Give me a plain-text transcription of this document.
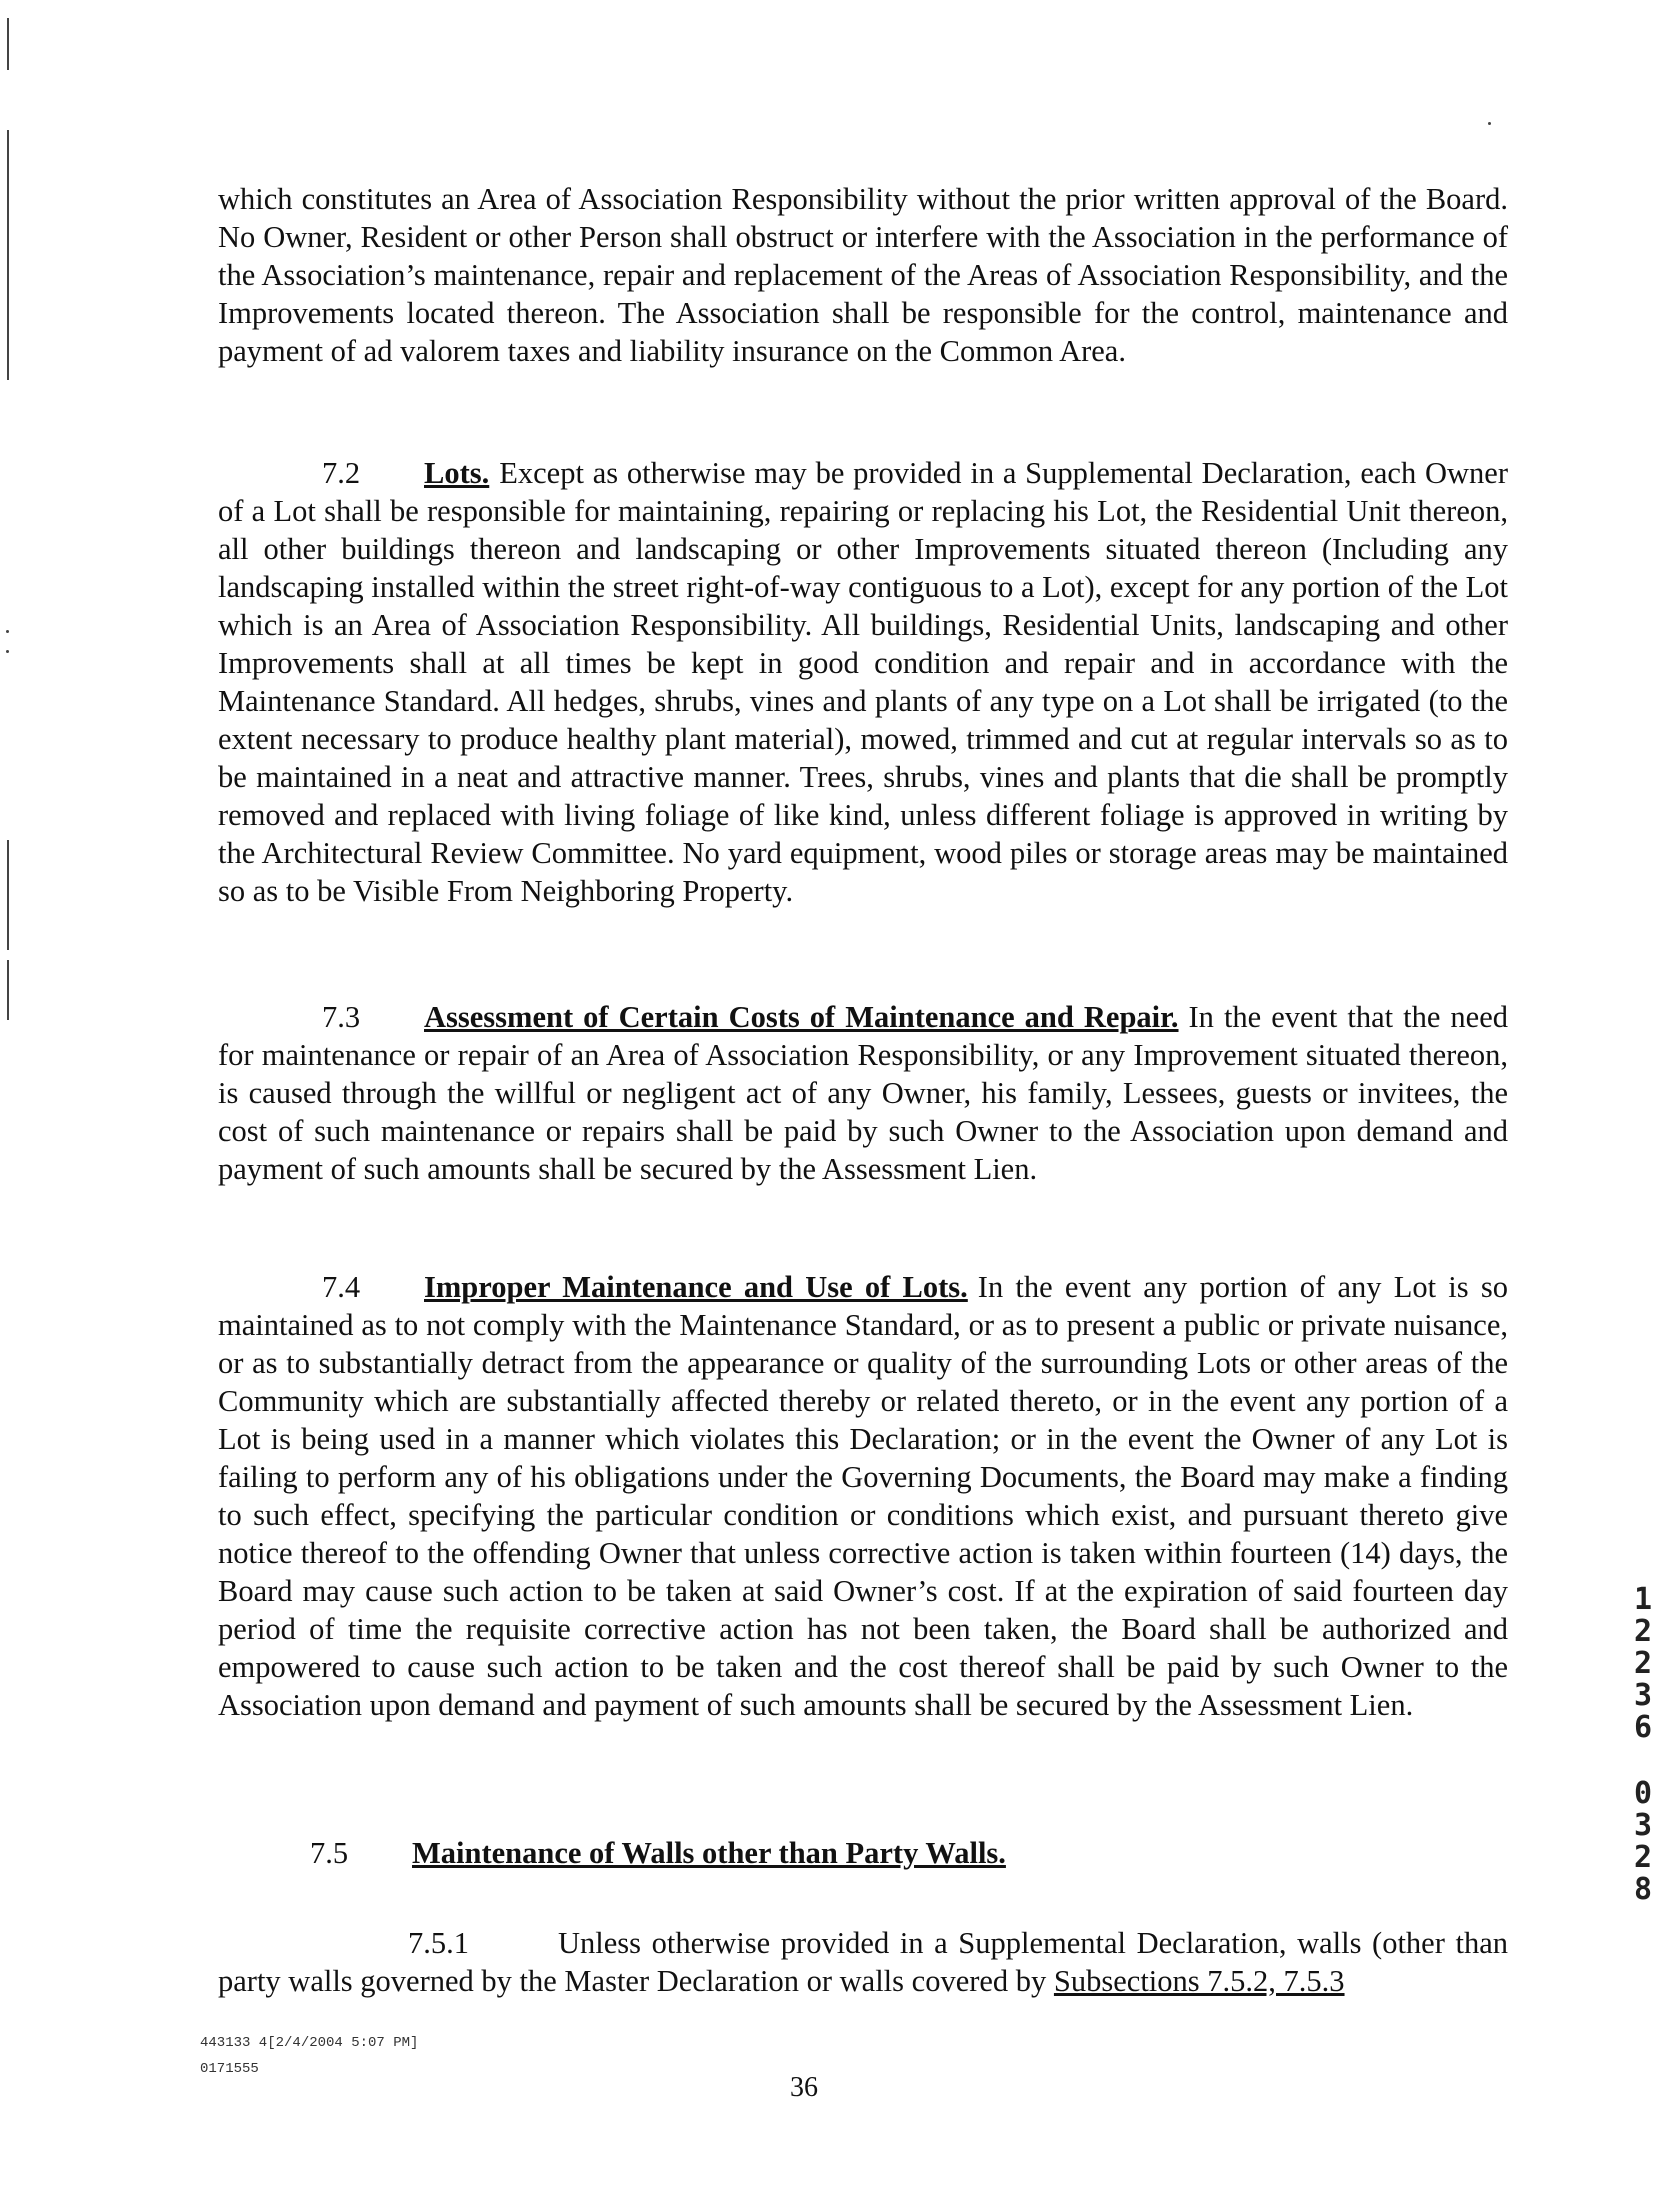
which constitutes an Area of Association Responsibility without the prior written approval of the Board. No Owner, Resident or other Person shall obstruct or interfere with the Association in the performance of the Association’s maintenance, repair and replacement of the Areas of Association Responsibility, and the Improvements located thereon. The Association shall be responsible for the control, maintenance and payment of ad valorem taxes and liability insurance on the Common Area.

7.2 Lots. Except as otherwise may be provided in a Supplemental Declaration, each Owner of a Lot shall be responsible for maintaining, repairing or replacing his Lot, the Residential Unit thereon, all other buildings thereon and landscaping or other Improvements situated thereon (Including any landscaping installed within the street right-of-way contiguous to a Lot), except for any portion of the Lot which is an Area of Association Responsibility. All buildings, Residential Units, landscaping and other Improvements shall at all times be kept in good condition and repair and in accordance with the Maintenance Standard. All hedges, shrubs, vines and plants of any type on a Lot shall be irrigated (to the extent necessary to produce healthy plant material), mowed, trimmed and cut at regular intervals so as to be maintained in a neat and attractive manner. Trees, shrubs, vines and plants that die shall be promptly removed and replaced with living foliage of like kind, unless different foliage is approved in writing by the Architectural Review Committee. No yard equipment, wood piles or storage areas may be maintained so as to be Visible From Neighboring Property.

7.3 Assessment of Certain Costs of Maintenance and Repair. In the event that the need for maintenance or repair of an Area of Association Responsibility, or any Improvement situated thereon, is caused through the willful or negligent act of any Owner, his family, Lessees, guests or invitees, the cost of such maintenance or repairs shall be paid by such Owner to the Association upon demand and payment of such amounts shall be secured by the Assessment Lien.

7.4 Improper Maintenance and Use of Lots. In the event any portion of any Lot is so maintained as to not comply with the Maintenance Standard, or as to present a public or private nuisance, or as to substantially detract from the appearance or quality of the surrounding Lots or other areas of the Community which are substantially affected thereby or related thereto, or in the event any portion of a Lot is being used in a manner which violates this Declaration; or in the event the Owner of any Lot is failing to perform any of his obligations under the Governing Documents, the Board may make a finding to such effect, specifying the particular condition or conditions which exist, and pursuant thereto give notice thereof to the offending Owner that unless corrective action is taken within fourteen (14) days, the Board may cause such action to be taken at said Owner’s cost. If at the expiration of said fourteen day period of time the requisite corrective action has not been taken, the Board shall be authorized and empowered to cause such action to be taken and the cost thereof shall be paid by such Owner to the Association upon demand and payment of such amounts shall be secured by the Assessment Lien.

7.5 Maintenance of Walls other than Party Walls.

7.5.1	Unless otherwise provided in a Supplemental Declaration, walls (other than party walls governed by the Master Declaration or walls covered by Subsections 7.5.2, 7.5.3

443133 4[2/4/2004 5:07 PM]
0171555
36
1
2
2
3
6
0
3
2
8
